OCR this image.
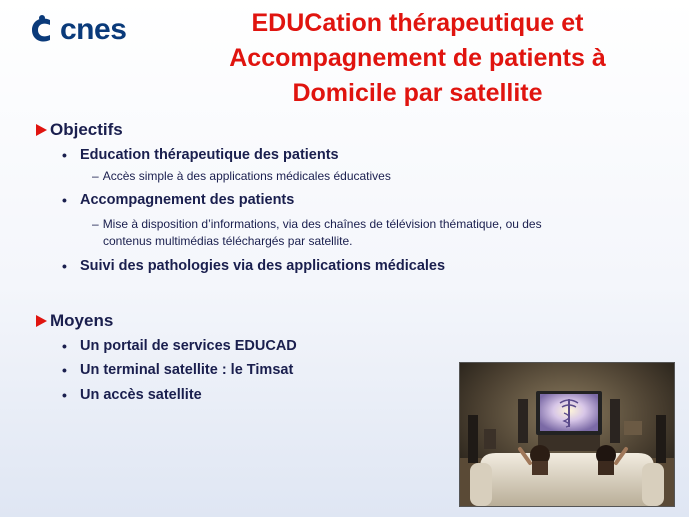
cnes	EDUCation thérapeutique et
Accompagnement de patients à
Domicile par satellite
Objectifs
• Education thérapeutique des patients
– Accès simple à des applications médicales éducatives
• Accompagnement des patients
– Mise à disposition d’informations, via des chaînes de télévision thématique, ou des
contenus multimédias téléchargés par satellite.
• Suivi des pathologies via des applications médicales
Moyens
• Un portail de services EDUCAD
• Un terminal satellite : le Timsat
• Un accès satellite
